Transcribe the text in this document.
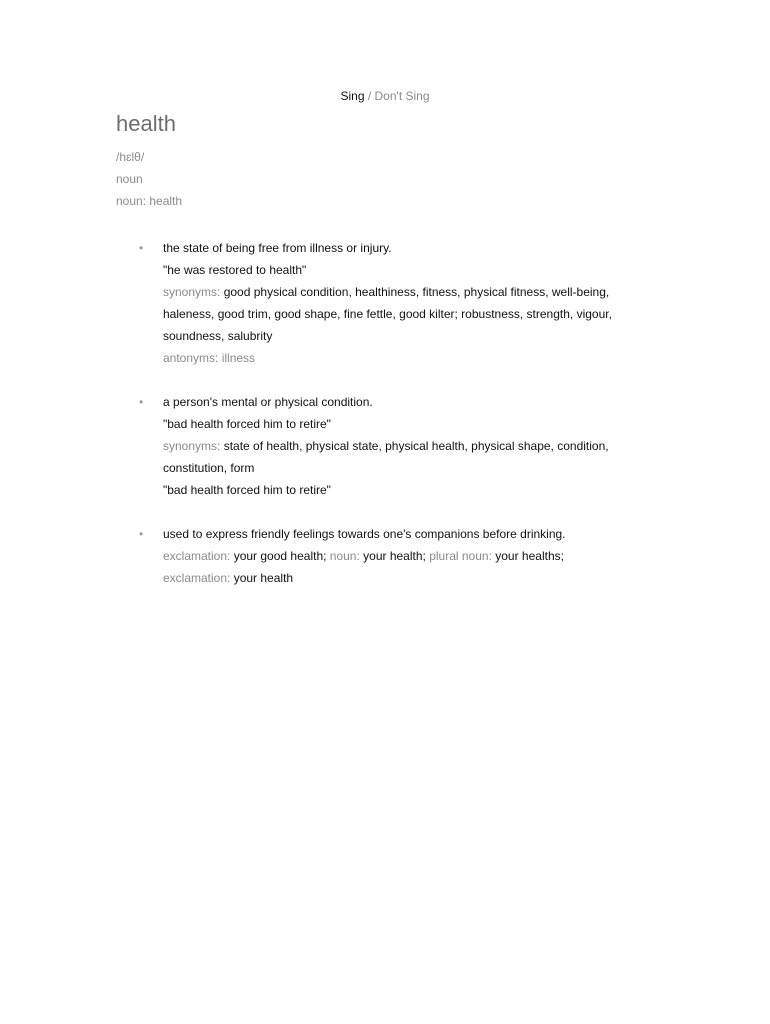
Sing / Don't Sing
health
/hɛlθ/
noun
noun: health
• the state of being free from illness or injury.
"he was restored to health"
synonyms: good physical condition, healthiness, fitness, physical fitness, well-being, haleness, good trim, good shape, fine fettle, good kilter; robustness, strength, vigour, soundness, salubrity
antonyms: illness
• a person's mental or physical condition.
"bad health forced him to retire"
synonyms: state of health, physical state, physical health, physical shape, condition, constitution, form
"bad health forced him to retire"
• used to express friendly feelings towards one's companions before drinking.
exclamation: your good health; noun: your health; plural noun: your healths;
exclamation: your health
